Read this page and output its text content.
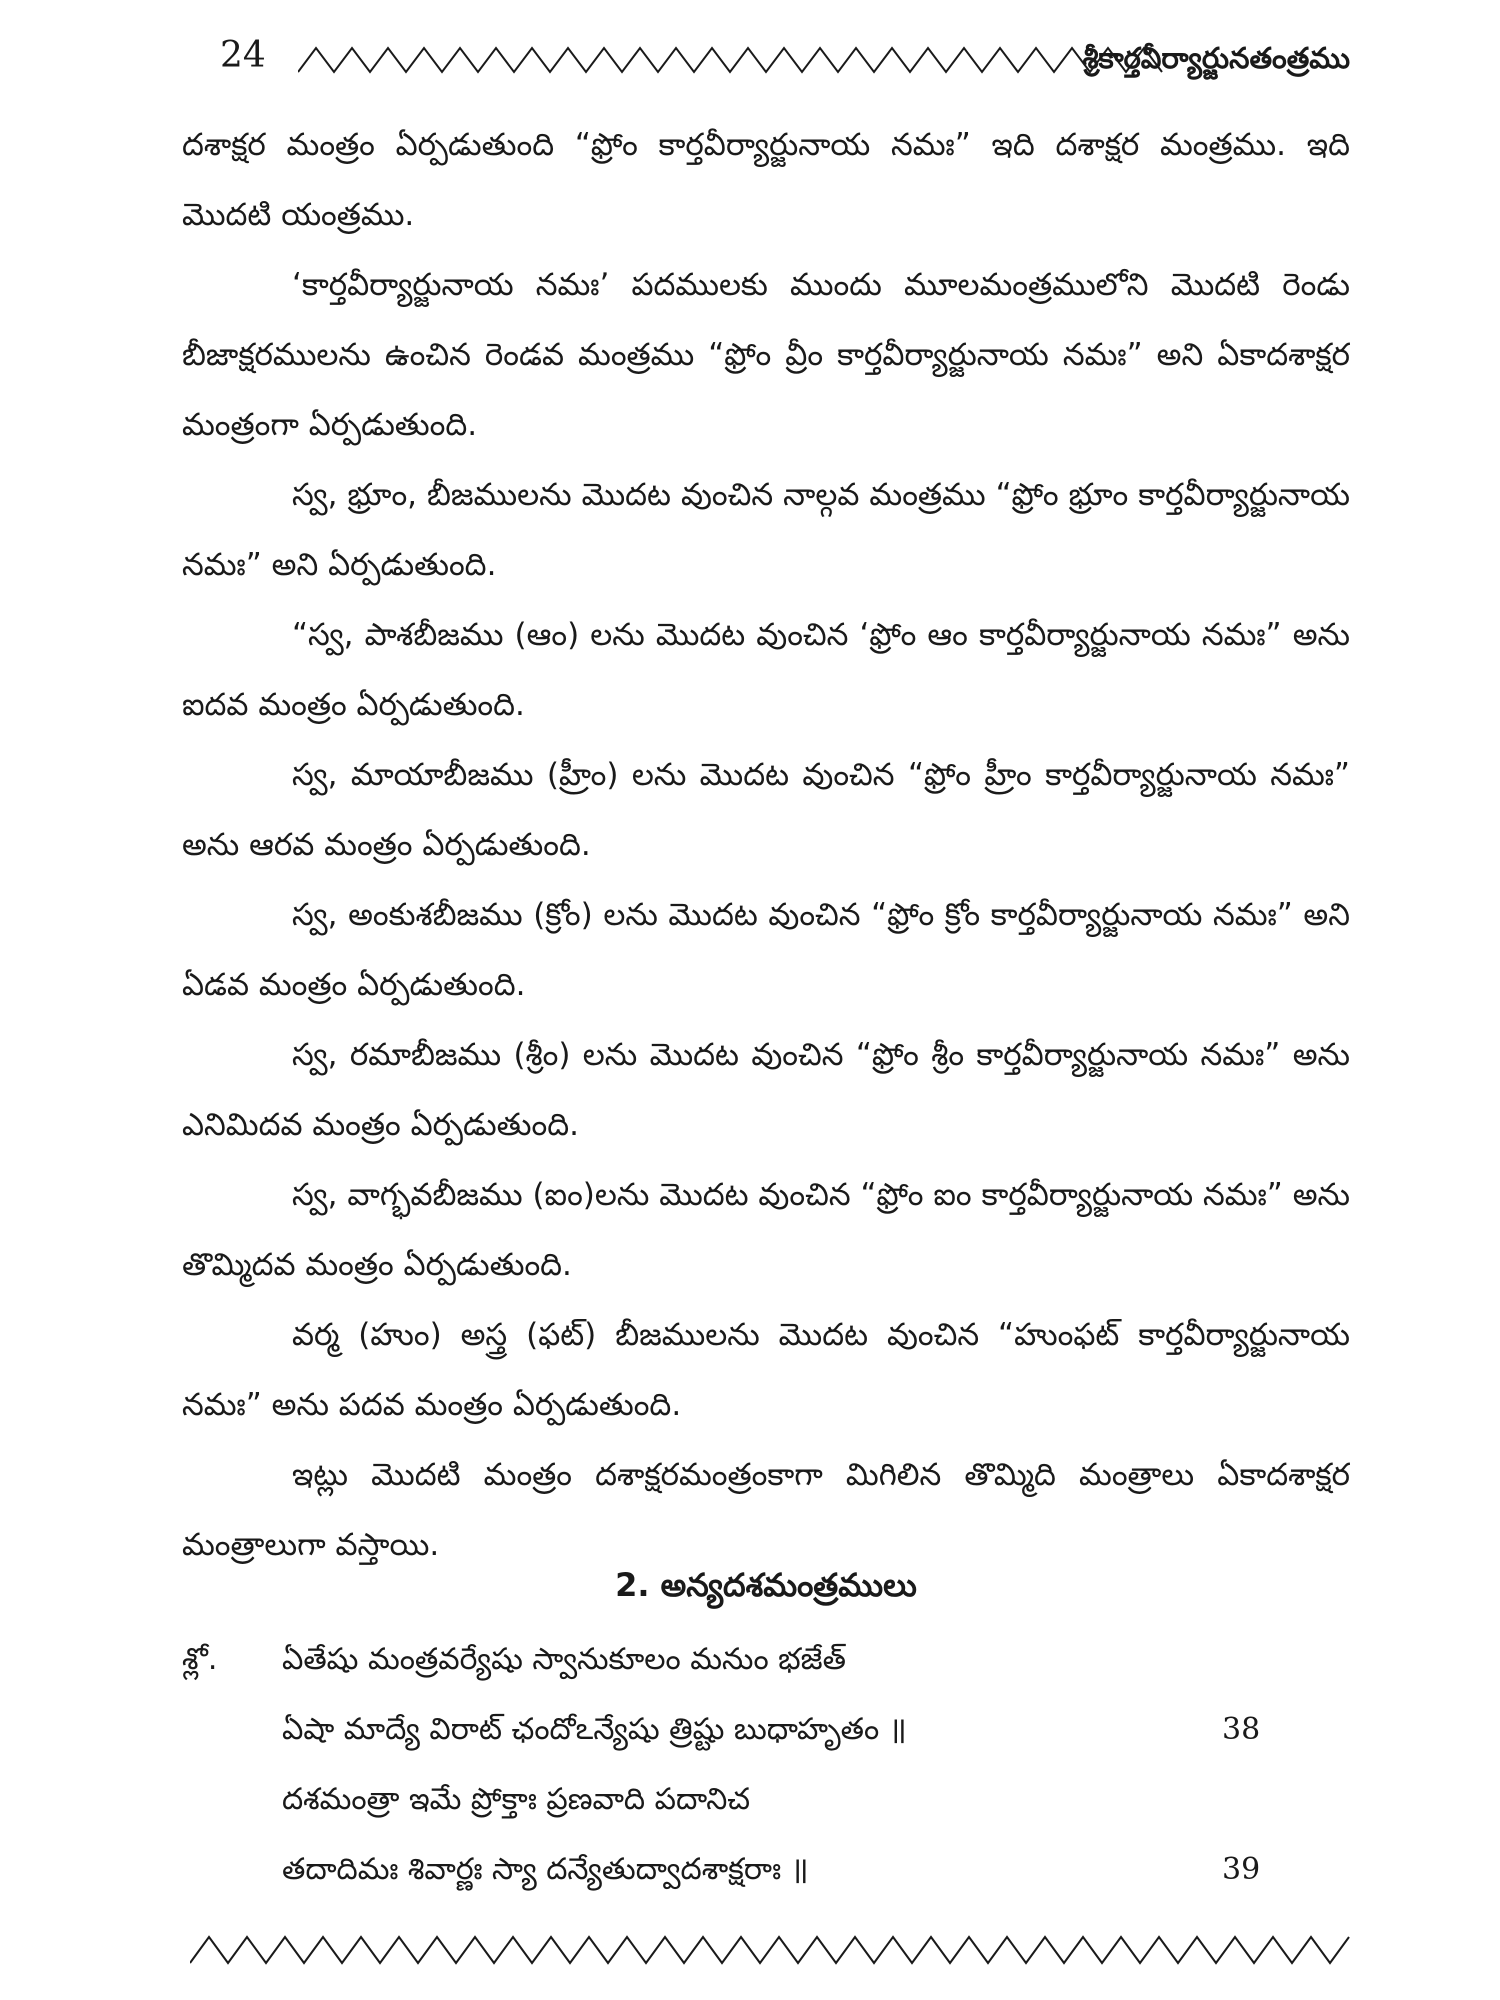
24	శ్రీకార్తవీర్యార్జునతంత్రము

దశాక్షర మంత్రం ఏర్పడుతుంది “ఫ్రోం కార్తవీర్యార్జునాయ నమః” ఇది దశాక్షర మంత్రము. ఇది మొదటి యంత్రము.

‘కార్తవీర్యార్జునాయ నమః’ పదములకు ముందు మూలమంత్రములోని మొదటి రెండు బీజాక్షరములను ఉంచిన రెండవ మంత్రము “ఫ్రోం వ్రీం కార్తవీర్యార్జునాయ నమః” అని ఏకాదశాక్షర మంత్రంగా ఏర్పడుతుంది.

స్వ, భ్రూం, బీజములను మొదట వుంచిన నాల్గవ మంత్రము “ఫ్రోం భ్రూం కార్తవీర్యార్జునాయ నమః” అని ఏర్పడుతుంది.

“స్వ, పాశబీజము (ఆం) లను మొదట వుంచిన ‘ఫ్రోం ఆం కార్తవీర్యార్జునాయ నమః” అను ఐదవ మంత్రం ఏర్పడుతుంది.

స్వ, మాయాబీజము (హ్రీం) లను మొదట వుంచిన “ఫ్రోం హ్రీం కార్తవీర్యార్జునాయ నమః” అను ఆరవ మంత్రం ఏర్పడుతుంది.

స్వ, అంకుశబీజము (క్రోం) లను మొదట వుంచిన “ఫ్రోం క్రోం కార్తవీర్యార్జునాయ నమః” అని ఏడవ మంత్రం ఏర్పడుతుంది.

స్వ, రమాబీజము (శ్రీం) లను మొదట వుంచిన “ఫ్రోం శ్రీం కార్తవీర్యార్జునాయ నమః” అను ఎనిమిదవ మంత్రం ఏర్పడుతుంది.

స్వ, వాగ్భవబీజము (ఐం)లను మొదట వుంచిన “ఫ్రోం ఐం కార్తవీర్యార్జునాయ నమః” అను తొమ్మిదవ మంత్రం ఏర్పడుతుంది.

వర్మ (హుం) అస్త్ర (ఫట్) బీజములను మొదట వుంచిన “హుంఫట్ కార్తవీర్యార్జునాయ నమః” అను పదవ మంత్రం ఏర్పడుతుంది.

ఇట్లు మొదటి మంత్రం దశాక్షరమంత్రంకాగా మిగిలిన తొమ్మిది మంత్రాలు ఏకాదశాక్షర మంత్రాలుగా వస్తాయి.

2. అన్యదశమంత్రములు
శ్లో. ఏతేషు మంత్రవర్యేషు స్వానుకూలం మనుం భజేత్
ఏషా మాద్యే విరాట్ ఛందోఽన్యేషు త్రిష్టు బుధాహృతం ॥	38
దశమంత్రా ఇమే ప్రోక్తాః ప్రణవాది పదానిచ
తదాదిమః శివార్ణః స్యా దన్యేతుద్వాదశాక్షరాః ॥	39
